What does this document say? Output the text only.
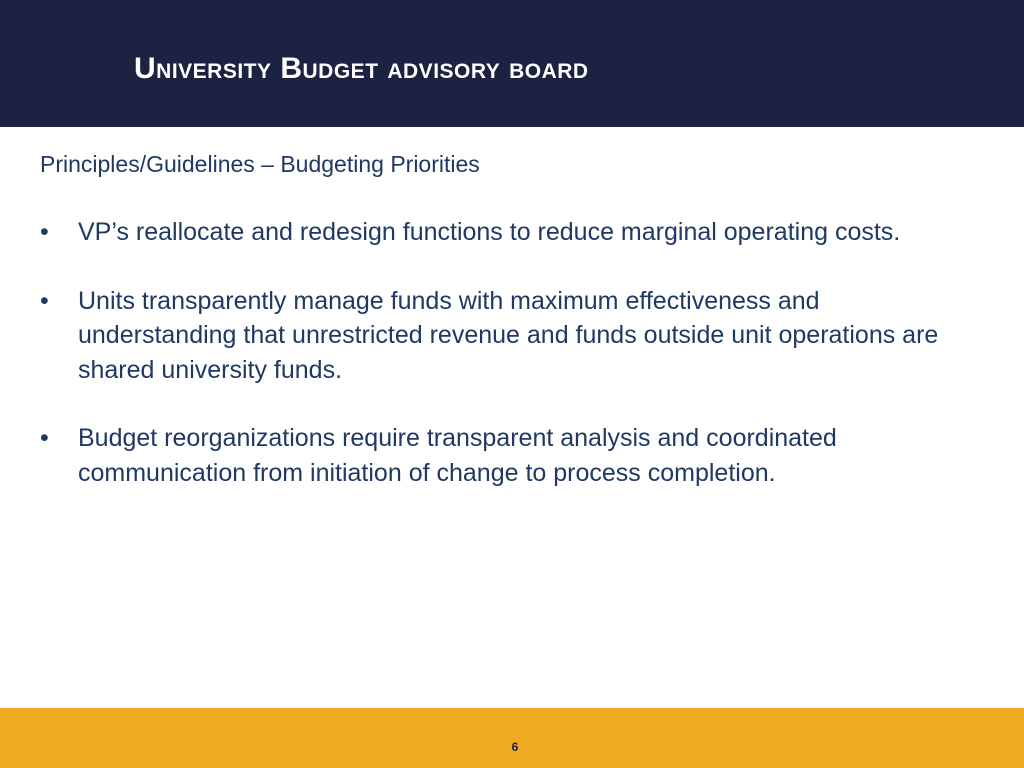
University Budget advisory board

Principles/Guidelines – Budgeting Priorities

•	VP’s reallocate and redesign functions to reduce marginal operating costs.
•	Units transparently manage funds with maximum effectiveness and understanding that unrestricted revenue and funds outside unit operations are shared university funds.
•	Budget reorganizations require transparent analysis and coordinated communication from initiation of change to process completion.
6
